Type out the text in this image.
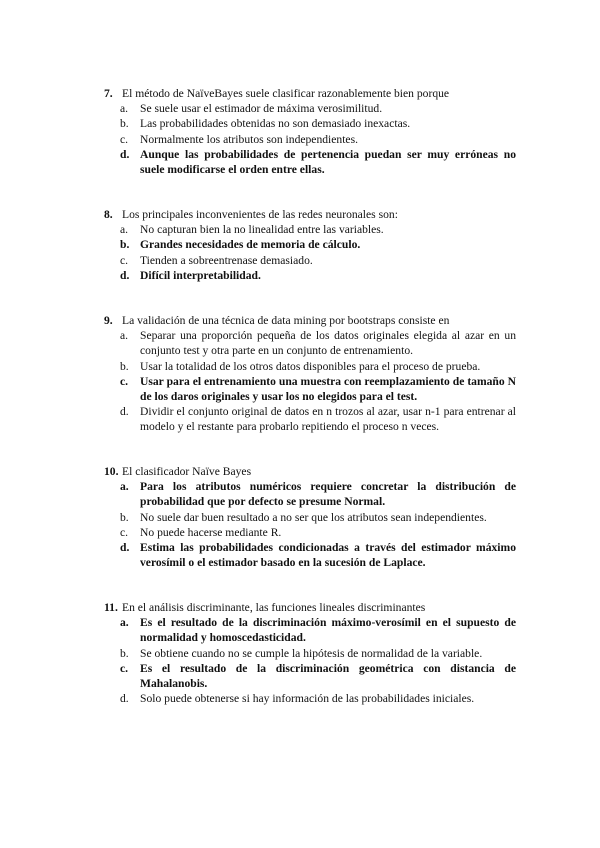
7. El método de NaïveBayes suele clasificar razonablemente bien porque
a.	Se suele usar el estimador de máxima verosimilitud.
b. Las probabilidades obtenidas no son demasiado inexactas.
c.	Normalmente los atributos son independientes.
d. Aunque las probabilidades de pertenencia puedan ser muy erróneas no suele modificarse el orden entre ellas.
8. Los principales inconvenientes de las redes neuronales son:
a.	No capturan bien la no linealidad entre las variables.
b. Grandes necesidades de memoria de cálculo.
c.	Tienden a sobreentrenase demasiado.
d. Difícil interpretabilidad.
9. La validación de una técnica de data mining por bootstraps consiste en
a.	Separar una proporción pequeña de los datos originales elegida al azar en un conjunto test y otra parte en un conjunto de entrenamiento.
b. Usar la totalidad de los otros datos disponibles para el proceso de prueba.
c.	Usar para el entrenamiento una muestra con reemplazamiento de tamaño N de los daros originales y usar los no elegidos para el test.
d. Dividir el conjunto original de datos en n trozos al azar, usar n-1 para entrenar al modelo y el restante para probarlo repitiendo el proceso n veces.
10. El clasificador Naïve Bayes
a. Para los atributos numéricos requiere concretar la distribución de probabilidad que por defecto se presume Normal.
b. No suele dar buen resultado a no ser que los atributos sean independientes.
c.	No puede hacerse mediante R.
d. Estima las probabilidades condicionadas a través del estimador máximo verosímil o el estimador basado en la sucesión de Laplace.
11. En el análisis discriminante, las funciones lineales discriminantes
a. Es el resultado de la discriminación máximo-verosímil en el supuesto de normalidad y homoscedasticidad.
b. Se obtiene cuando no se cumple la hipótesis de normalidad de la variable.
c.	Es el resultado de la discriminación geométrica con distancia de Mahalanobis.
d. Solo puede obtenerse si hay información de las probabilidades iniciales.
